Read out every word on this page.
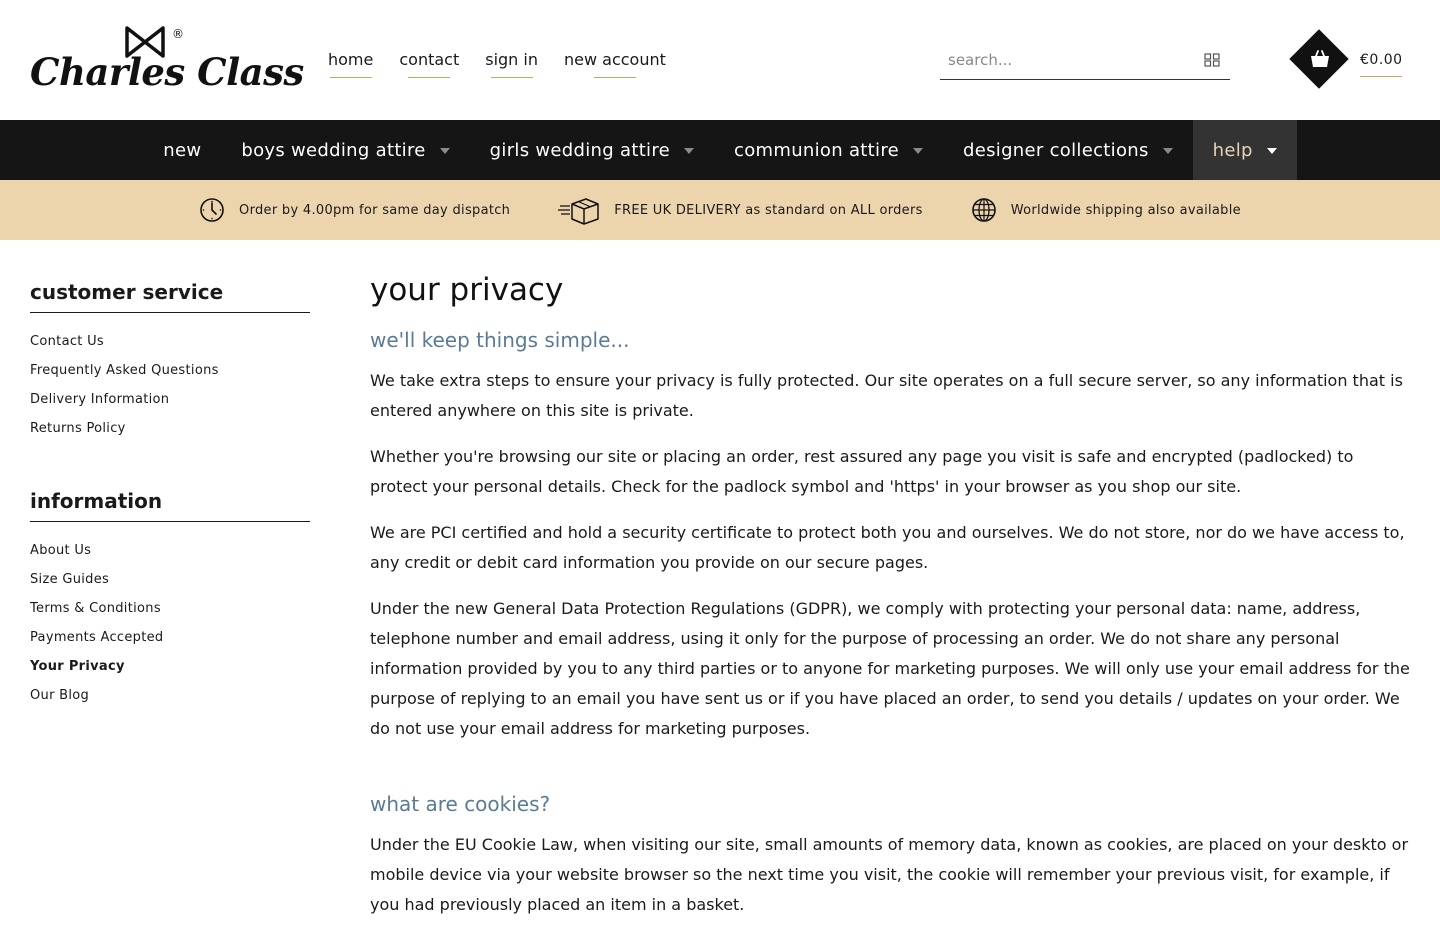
®
Charles Class home contact sign in new account
search...	€0.00
new boys wedding attire	girls wedding attire	communion attire	designer collections	help
Order by 4.00pm for same day dispatch	FREE UK DELIVERY as standard on ALL orders	Worldwide shipping also available
customer service
Contact Us
Frequently Asked Questions
Delivery Information
Returns Policy
information
About Us
Size Guides
Terms & Conditions
Payments Accepted
Your Privacy
Our Blog
your privacy
we'll keep things simple...

We take extra steps to ensure your privacy is fully protected. Our site operates on a full secure server, so any information that is entered anywhere on this site is private.

Whether you're browsing our site or placing an order, rest assured any page you visit is safe and encrypted (padlocked) to protect your personal details. Check for the padlock symbol and 'https' in your browser as you shop our site.

We are PCI certified and hold a security certificate to protect both you and ourselves. We do not store, nor do we have access to, any credit or debit card information you provide on our secure pages.

Under the new General Data Protection Regulations (GDPR), we comply with protecting your personal data: name, address, telephone number and email address, using it only for the purpose of processing an order. We do not share any personal information provided by you to any third parties or to anyone for marketing purposes. We will only use your email address for the purpose of replying to an email you have sent us or if you have placed an order, to send you details / updates on your order. We do not use your email address for marketing purposes.

what are cookies?

Under the EU Cookie Law, when visiting our site, small amounts of memory data, known as cookies, are placed on your deskto or mobile device via your website browser so the next time you visit, the cookie will remember your previous visit, for example, if you had previously placed an item in a basket.
